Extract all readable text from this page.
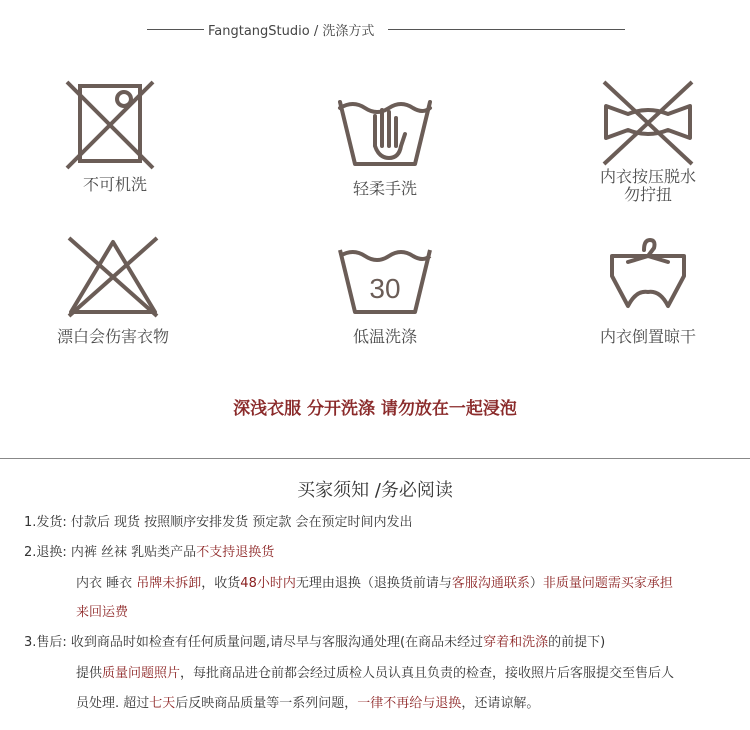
FangtangStudio / 洗涤方式
不可机洗	轻柔手洗
内衣按压脱水
勿拧扭
漂白会伤害衣物
30
低温洗涤	内衣倒置晾干
深浅衣服 分开洗涤 请勿放在一起浸泡
买家须知 /务必阅读
1.发货: 付款后 现货 按照顺序安排发货 预定款 会在预定时间内发出
2.退换: 内裤 丝袜 乳贴类产品不支持退换货
内衣 睡衣 吊牌未拆卸，收货48小时内无理由退换（退换货前请与客服沟通联系）非质量问题需买家承担
来回运费
3.售后: 收到商品时如检查有任何质量问题,请尽早与客服沟通处理(在商品未经过穿着和洗涤的前提下)
提供质量问题照片，每批商品进仓前都会经过质检人员认真且负责的检查，接收照片后客服提交至售后人
员处理. 超过七天后反映商品质量等一系列问题，一律不再给与退换，还请谅解。
